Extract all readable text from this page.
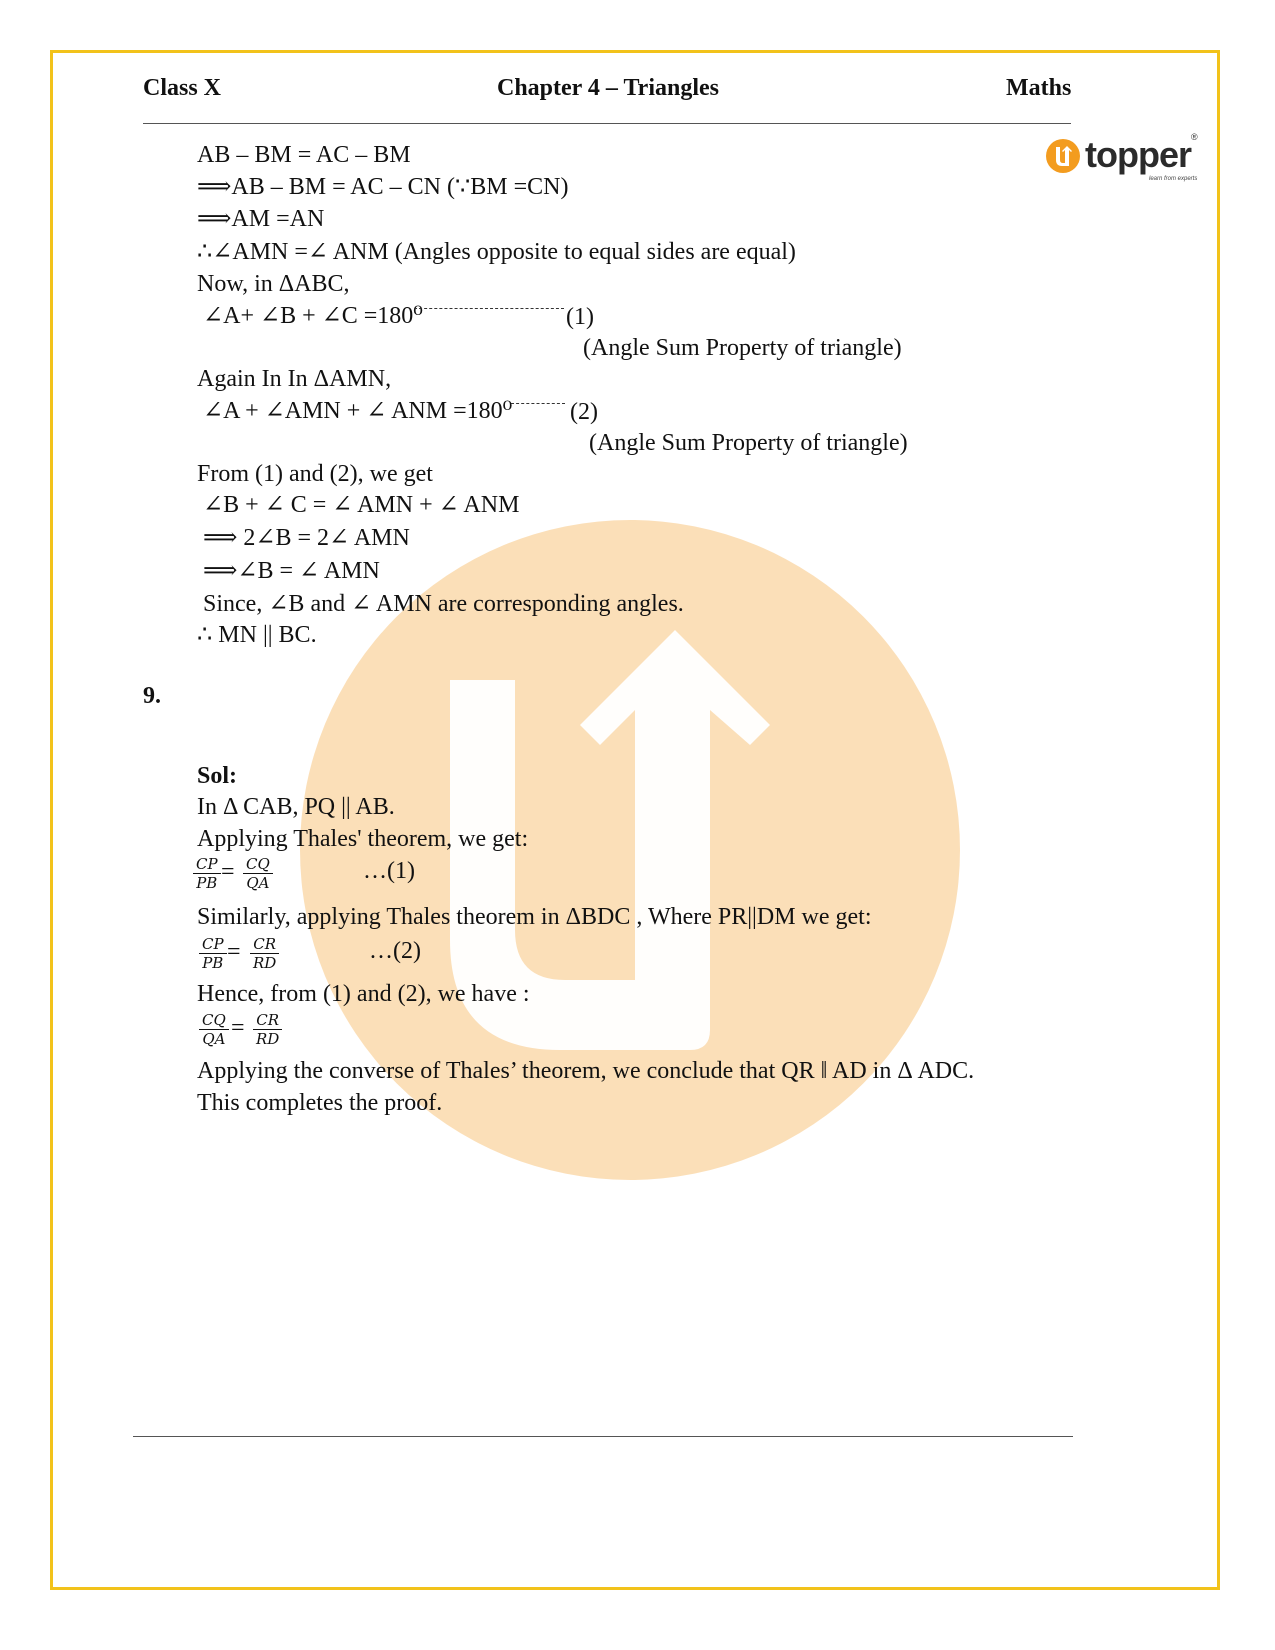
Class X	Chapter 4 – Triangles	Maths
topper ®
learn from experts
AB – BM = AC – BM
⟹AB – BM = AC – CN (∵BM =CN)
⟹AM =AN
∴∠AMN =∠ ANM (Angles opposite to equal sides are equal)
Now, in ΔABC,
∠A+ ∠B + ∠C =180⁰	(1)
(Angle Sum Property of triangle)
Again In In ΔAMN,
∠A + ∠AMN + ∠ ANM =180⁰ (2)
(Angle Sum Property of triangle)
From (1) and (2), we get
∠B + ∠ C = ∠ AMN + ∠ ANM
⟹ 2∠B = 2∠ AMN
⟹∠B = ∠ AMN
Since, ∠B and ∠ AMN are corresponding angles.
∴ MN || BC.
9.
Sol:
In Δ CAB, PQ || AB.
Applying Thales' theorem, we get:
$\frac{CP}{PB} = \frac{CQ}{QA}$	…(1)
Similarly, applying Thales theorem in ΔBDC , Where PR||DM we get:
$\frac{CP}{PB} = \frac{CR}{RD}$	…(2)
Hence, from (1) and (2), we have :
$\frac{CQ}{QA} = \frac{CR}{RD}$
Applying the converse of Thales’ theorem, we conclude that QR ‖ AD in Δ ADC.
This completes the proof.
